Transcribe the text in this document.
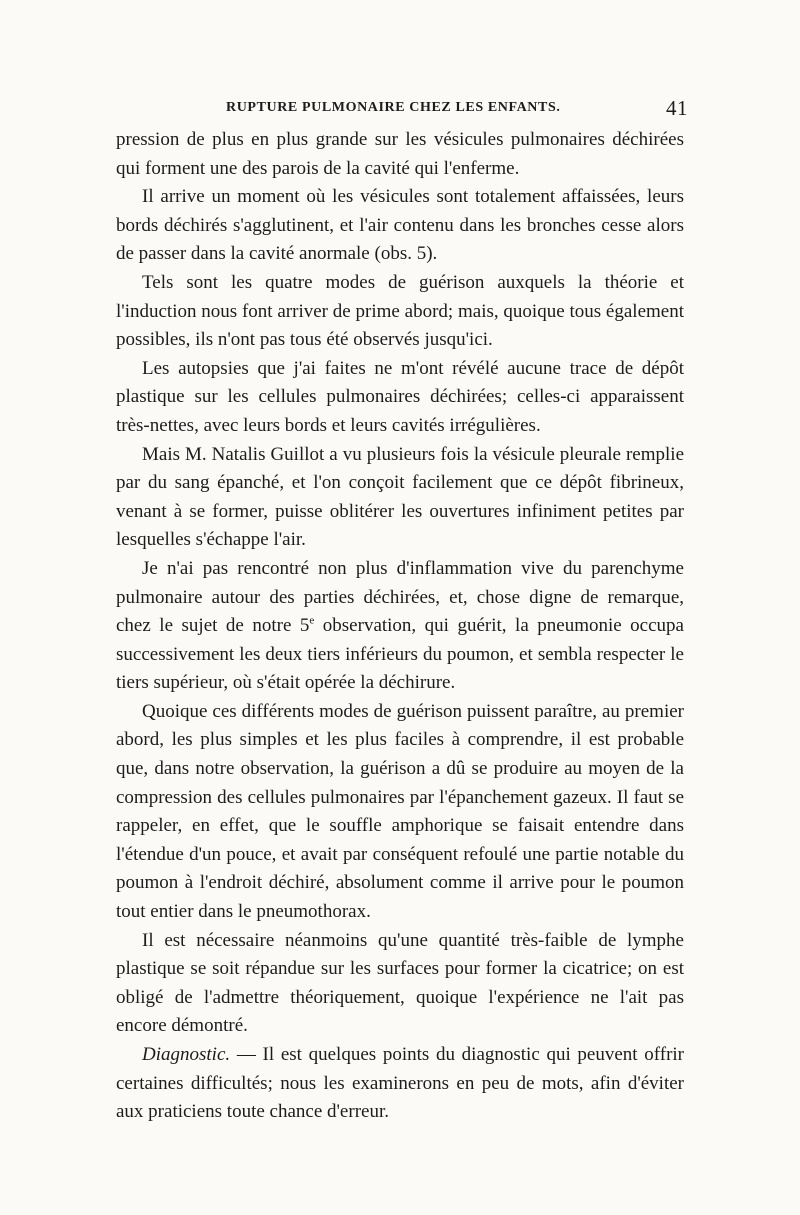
RUPTURE PULMONAIRE CHEZ LES ENFANTS.	41

pression de plus en plus grande sur les vésicules pulmonaires déchirées qui forment une des parois de la cavité qui l'enferme.

Il arrive un moment où les vésicules sont totalement affaissées, leurs bords déchirés s'agglutinent, et l'air contenu dans les bronches cesse alors de passer dans la cavité anormale (obs. 5).

Tels sont les quatre modes de guérison auxquels la théorie et l'induction nous font arriver de prime abord; mais, quoique tous également possibles, ils n'ont pas tous été observés jusqu'ici.

Les autopsies que j'ai faites ne m'ont révélé aucune trace de dépôt plastique sur les cellules pulmonaires déchirées; celles-ci apparaissent très-nettes, avec leurs bords et leurs cavités irrégulières.

Mais M. Natalis Guillot a vu plusieurs fois la vésicule pleurale remplie par du sang épanché, et l'on conçoit facilement que ce dépôt fibrineux, venant à se former, puisse oblitérer les ouvertures infiniment petites par lesquelles s'échappe l'air.

Je n'ai pas rencontré non plus d'inflammation vive du parenchyme pulmonaire autour des parties déchirées, et, chose digne de remarque, chez le sujet de notre 5e observation, qui guérit, la pneumonie occupa successivement les deux tiers inférieurs du poumon, et sembla respecter le tiers supérieur, où s'était opérée la déchirure.

Quoique ces différents modes de guérison puissent paraître, au premier abord, les plus simples et les plus faciles à comprendre, il est probable que, dans notre observation, la guérison a dû se produire au moyen de la compression des cellules pulmonaires par l'épanchement gazeux. Il faut se rappeler, en effet, que le souffle amphorique se faisait entendre dans l'étendue d'un pouce, et avait par conséquent refoulé une partie notable du poumon à l'endroit déchiré, absolument comme il arrive pour le poumon tout entier dans le pneumothorax.

Il est nécessaire néanmoins qu'une quantité très-faible de lymphe plastique se soit répandue sur les surfaces pour former la cicatrice; on est obligé de l'admettre théoriquement, quoique l'expérience ne l'ait pas encore démontré.

Diagnostic. — Il est quelques points du diagnostic qui peuvent offrir certaines difficultés; nous les examinerons en peu de mots, afin d'éviter aux praticiens toute chance d'erreur.
